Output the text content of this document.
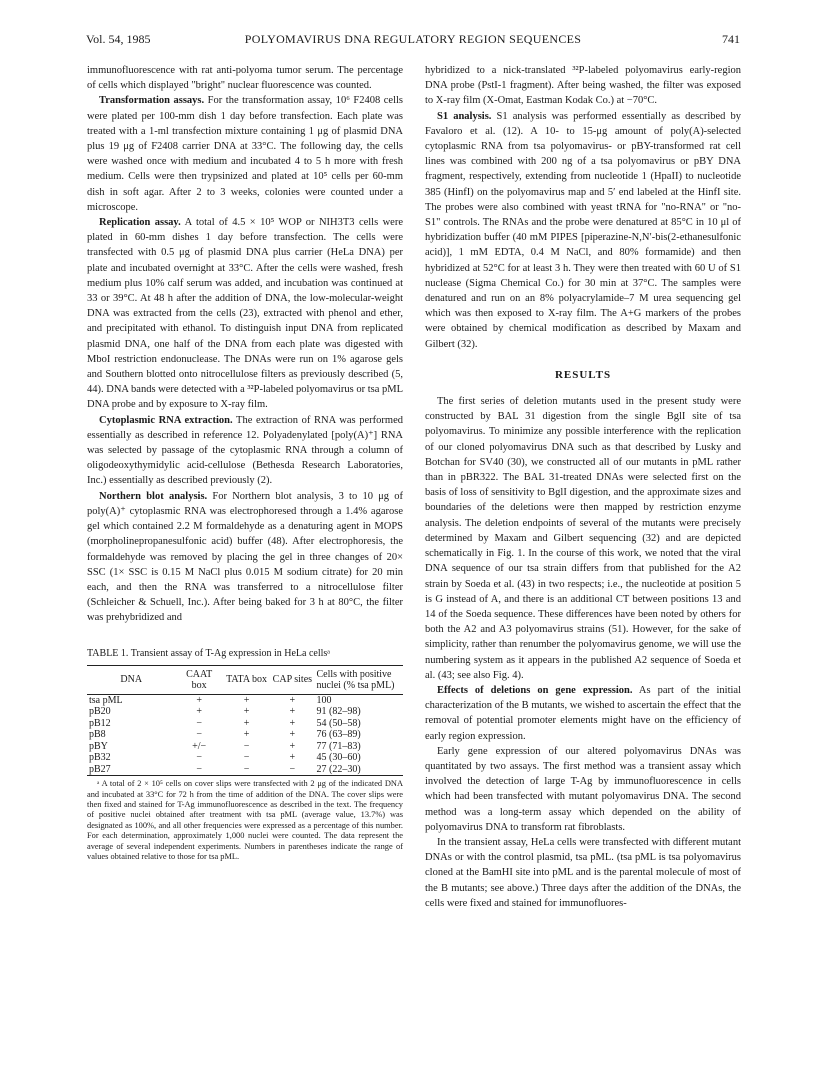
Vol. 54, 1985	POLYOMAVIRUS DNA REGULATORY REGION SEQUENCES	741

immunofluorescence with rat anti-polyoma tumor serum. The percentage of cells which displayed "bright" nuclear fluorescence was counted.

Transformation assays. For the transformation assay, 10⁶ F2408 cells were plated per 100-mm dish 1 day before transfection. Each plate was treated with a 1-ml transfection mixture containing 1 μg of plasmid DNA plus 19 μg of F2408 carrier DNA at 33°C. The following day, the cells were washed once with medium and incubated 4 to 5 h more with fresh medium. Cells were then trypsinized and plated at 10⁵ cells per 60-mm dish in soft agar. After 2 to 3 weeks, colonies were counted under a microscope.

Replication assay. A total of 4.5 × 10⁵ WOP or NIH3T3 cells were plated in 60-mm dishes 1 day before transfection. The cells were transfected with 0.5 μg of plasmid DNA plus carrier (HeLa DNA) per plate and incubated overnight at 33°C. After the cells were washed, fresh medium plus 10% calf serum was added, and incubation was continued at 33 or 39°C. At 48 h after the addition of DNA, the low-molecular-weight DNA was extracted from the cells (23), extracted with phenol and ether, and precipitated with ethanol. To distinguish input DNA from replicated plasmid DNA, one half of the DNA from each plate was digested with MboI restriction endonuclease. The DNAs were run on 1% agarose gels and Southern blotted onto nitrocellulose filters as previously described (5, 44). DNA bands were detected with a ³²P-labeled polyomavirus or tsa pML DNA probe and by exposure to X-ray film.

Cytoplasmic RNA extraction. The extraction of RNA was performed essentially as described in reference 12. Polyadenylated [poly(A)⁺] RNA was selected by passage of the cytoplasmic RNA through a column of oligodeoxythymidylic acid-cellulose (Bethesda Research Laboratories, Inc.) essentially as described previously (2).

Northern blot analysis. For Northern blot analysis, 3 to 10 μg of poly(A)⁺ cytoplasmic RNA was electrophoresed through a 1.4% agarose gel which contained 2.2 M formaldehyde as a denaturing agent in MOPS (morpholinepropanesulfonic acid) buffer (48). After electrophoresis, the formaldehyde was removed by placing the gel in three changes of 20× SSC (1× SSC is 0.15 M NaCl plus 0.015 M sodium citrate) for 20 min each, and then the RNA was transferred to a nitrocellulose filter (Schleicher & Schuell, Inc.). After being baked for 3 h at 80°C, the filter was prehybridized and

TABLE 1. Transient assay of T-Ag expression in HeLa cellsᵃ
DNA	CAAT box	TATA box	CAP sites	Cells with positive nuclei (% tsa pML)
tsa pML	+	+	+	100
pB20	+	+	+	91 (82–98)
pB12	−	+	+	54 (50–58)
pB8	−	+	+	76 (63–89)
pBY	+/−	−	+	77 (71–83)
pB32	−	−	+	45 (30–60)
pB27	−	−	−	27 (22–30)
ᵃ A total of 2 × 10⁵ cells on cover slips were transfected with 2 μg of the indicated DNA and incubated at 33°C for 72 h from the time of addition of the DNA. The cover slips were then fixed and stained for T-Ag immunofluorescence as described in the text. The frequency of positive nuclei obtained after treatment with tsa pML (average value, 13.7%) was designated as 100%, and all other frequencies were expressed as a percentage of this number. For each determination, approximately 1,000 nuclei were counted. The data represent the average of several independent experiments. Numbers in parentheses indicate the range of values obtained relative to those for tsa pML.

hybridized to a nick-translated ³²P-labeled polyomavirus early-region DNA probe (PstI-1 fragment). After being washed, the filter was exposed to X-ray film (X-Omat, Eastman Kodak Co.) at −70°C.

S1 analysis. S1 analysis was performed essentially as described by Favaloro et al. (12). A 10- to 15-μg amount of poly(A)-selected cytoplasmic RNA from tsa polyomavirus- or pBY-transformed rat cell lines was combined with 200 ng of a tsa polyomavirus or pBY DNA fragment, respectively, extending from nucleotide 1 (HpaII) to nucleotide 385 (HinfI) on the polyomavirus map and 5′ end labeled at the HinfI site. The probes were also combined with yeast tRNA for "no-RNA" or "no-S1" controls. The RNAs and the probe were denatured at 85°C in 10 μl of hybridization buffer (40 mM PIPES [piperazine-N,N′-bis(2-ethanesulfonic acid)], 1 mM EDTA, 0.4 M NaCl, and 80% formamide) and then hybridized at 52°C for at least 3 h. They were then treated with 60 U of S1 nuclease (Sigma Chemical Co.) for 30 min at 37°C. The samples were denatured and run on an 8% polyacrylamide–7 M urea sequencing gel which was then exposed to X-ray film. The A+G markers of the probes were obtained by chemical modification as described by Maxam and Gilbert (32).

RESULTS

The first series of deletion mutants used in the present study were constructed by BAL 31 digestion from the single BglI site of tsa polyomavirus. To minimize any possible interference with the replication of our cloned polyomavirus DNA such as that described by Lusky and Botchan for SV40 (30), we constructed all of our mutants in pML rather than in pBR322. The BAL 31-treated DNAs were selected first on the basis of loss of sensitivity to BglI digestion, and the approximate sizes and boundaries of the deletions were then mapped by restriction enzyme analysis. The deletion endpoints of several of the mutants were precisely determined by Maxam and Gilbert sequencing (32) and are depicted schematically in Fig. 1. In the course of this work, we noted that the viral DNA sequence of our tsa strain differs from that published for the A2 strain by Soeda et al. (43) in two respects; i.e., the nucleotide at position 5 is G instead of A, and there is an additional CT between positions 13 and 14 of the Soeda sequence. These differences have been noted by others for both the A2 and A3 polyomavirus strains (51). However, for the sake of simplicity, rather than renumber the polyomavirus genome, we will use the numbering system as it appears in the published A2 sequence of Soeda et al. (43; see also Fig. 4).

Effects of deletions on gene expression. As part of the initial characterization of the B mutants, we wished to ascertain the effect that the removal of potential promoter elements might have on the efficiency of early region expression.

Early gene expression of our altered polyomavirus DNAs was quantitated by two assays. The first method was a transient assay which involved the detection of large T-Ag by immunofluorescence in cells which had been transfected with mutant polyomavirus DNA. The second method was a long-term assay which depended on the ability of polyomavirus DNA to transform rat fibroblasts.

In the transient assay, HeLa cells were transfected with different mutant DNAs or with the control plasmid, tsa pML. (tsa pML is tsa polyomavirus cloned at the BamHI site into pML and is the parental molecule of most of the B mutants; see above.) Three days after the addition of the DNAs, the cells were fixed and stained for immunofluores-
